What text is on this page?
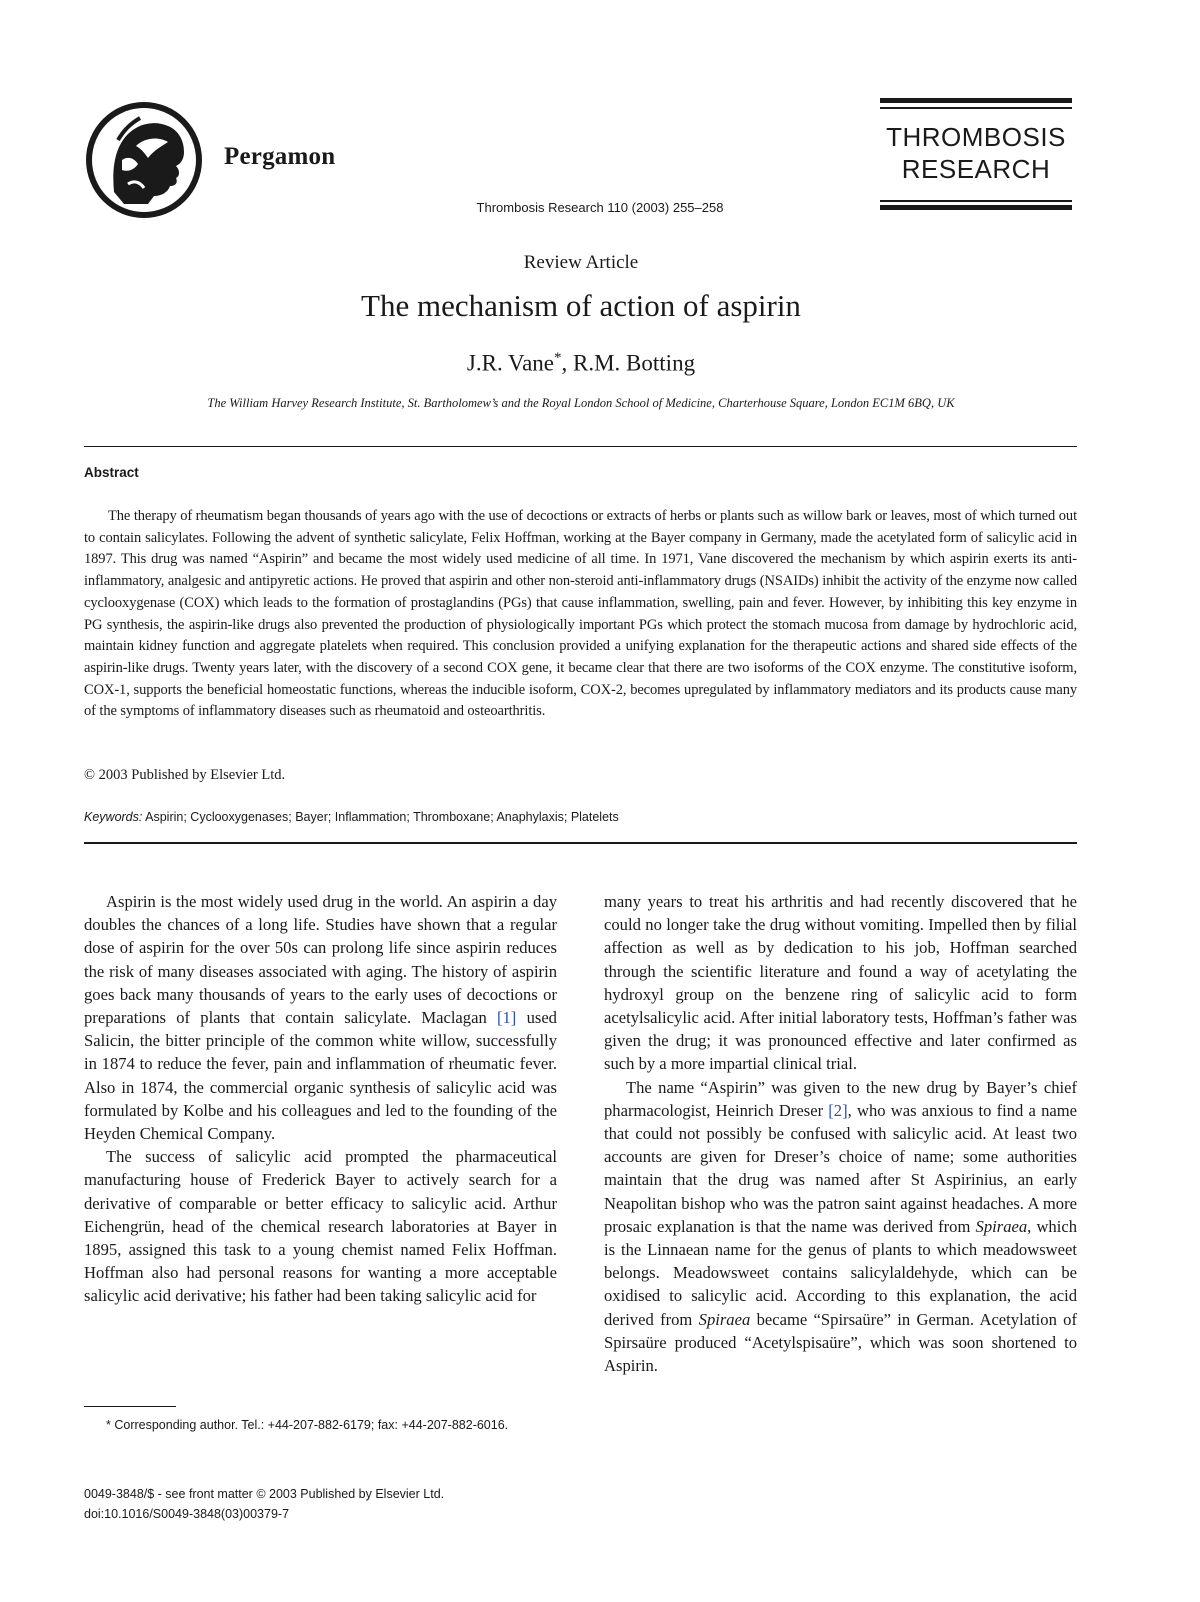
Pergamon
THROMBOSIS
RESEARCH
Thrombosis Research 110 (2003) 255–258
Review Article
The mechanism of action of aspirin
J.R. Vane*, R.M. Botting
The William Harvey Research Institute, St. Bartholomew’s and the Royal London School of Medicine, Charterhouse Square, London EC1M 6BQ, UK
Abstract
The therapy of rheumatism began thousands of years ago with the use of decoctions or extracts of herbs or plants such as willow bark or leaves, most of which turned out to contain salicylates. Following the advent of synthetic salicylate, Felix Hoffman, working at the Bayer company in Germany, made the acetylated form of salicylic acid in 1897. This drug was named “Aspirin” and became the most widely used medicine of all time. In 1971, Vane discovered the mechanism by which aspirin exerts its anti-inflammatory, analgesic and antipyretic actions. He proved that aspirin and other non-steroid anti-inflammatory drugs (NSAIDs) inhibit the activity of the enzyme now called cyclooxygenase (COX) which leads to the formation of prostaglandins (PGs) that cause inflammation, swelling, pain and fever. However, by inhibiting this key enzyme in PG synthesis, the aspirin-like drugs also prevented the production of physiologically important PGs which protect the stomach mucosa from damage by hydrochloric acid, maintain kidney function and aggregate platelets when required. This conclusion provided a unifying explanation for the therapeutic actions and shared side effects of the aspirin-like drugs. Twenty years later, with the discovery of a second COX gene, it became clear that there are two isoforms of the COX enzyme. The constitutive isoform, COX-1, supports the beneficial homeostatic functions, whereas the inducible isoform, COX-2, becomes upregulated by inflammatory mediators and its products cause many of the symptoms of inflammatory diseases such as rheumatoid and osteoarthritis.
© 2003 Published by Elsevier Ltd.
Keywords: Aspirin; Cyclooxygenases; Bayer; Inflammation; Thromboxane; Anaphylaxis; Platelets

Aspirin is the most widely used drug in the world. An aspirin a day doubles the chances of a long life. Studies have shown that a regular dose of aspirin for the over 50s can prolong life since aspirin reduces the risk of many diseases associated with aging. The history of aspirin goes back many thousands of years to the early uses of decoctions or preparations of plants that contain salicylate. Maclagan [1] used Salicin, the bitter principle of the common white willow, successfully in 1874 to reduce the fever, pain and inflammation of rheumatic fever. Also in 1874, the commercial organic synthesis of salicylic acid was formulated by Kolbe and his colleagues and led to the founding of the Heyden Chemical Company.

The success of salicylic acid prompted the pharmaceutical manufacturing house of Frederick Bayer to actively search for a derivative of comparable or better efficacy to salicylic acid. Arthur Eichengrün, head of the chemical research laboratories at Bayer in 1895, assigned this task to a young chemist named Felix Hoffman. Hoffman also had personal reasons for wanting a more acceptable salicylic acid derivative; his father had been taking salicylic acid for

many years to treat his arthritis and had recently discovered that he could no longer take the drug without vomiting. Impelled then by filial affection as well as by dedication to his job, Hoffman searched through the scientific literature and found a way of acetylating the hydroxyl group on the benzene ring of salicylic acid to form acetylsalicylic acid. After initial laboratory tests, Hoffman’s father was given the drug; it was pronounced effective and later confirmed as such by a more impartial clinical trial.

The name “Aspirin” was given to the new drug by Bayer’s chief pharmacologist, Heinrich Dreser [2], who was anxious to find a name that could not possibly be confused with salicylic acid. At least two accounts are given for Dreser’s choice of name; some authorities maintain that the drug was named after St Aspirinius, an early Neapolitan bishop who was the patron saint against headaches. A more prosaic explanation is that the name was derived from Spiraea, which is the Linnaean name for the genus of plants to which meadowsweet belongs. Meadowsweet contains salicylaldehyde, which can be oxidised to salicylic acid. According to this explanation, the acid derived from Spiraea became “Spirsaüre” in German. Acetylation of Spirsaüre produced “Acetylspisaüre”, which was soon shortened to Aspirin.

* Corresponding author. Tel.: +44-207-882-6179; fax: +44-207-882-6016.
0049-3848/$ - see front matter © 2003 Published by Elsevier Ltd.
doi:10.1016/S0049-3848(03)00379-7
